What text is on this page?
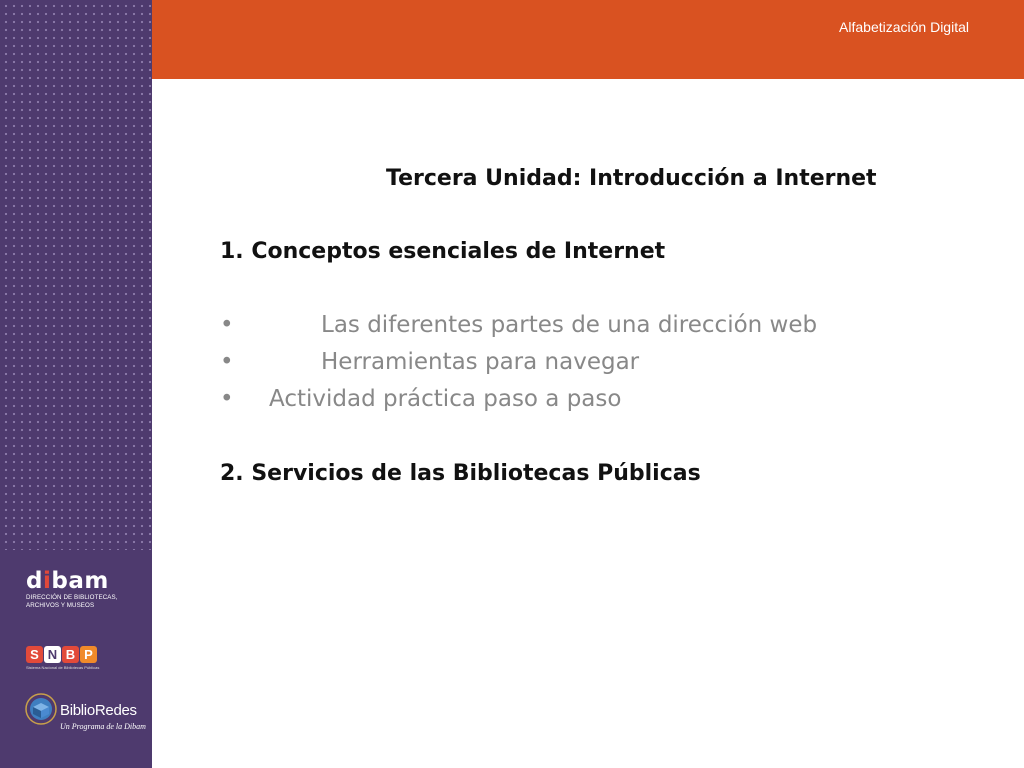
dibam
DIRECCIÓN DE BIBLIOTECAS,
ARCHIVOS Y MUSEOS
S N B P
Sistema Nacional de Bibliotecas Públicas
BiblioRedes
Un Programa de la Dibam
Alfabetización Digital
Tercera Unidad: Introducción a Internet
1. Conceptos esenciales de Internet
•	Las diferentes partes de una dirección web
•	Herramientas para navegar
• Actividad práctica paso a paso
2. Servicios de las Bibliotecas Públicas
